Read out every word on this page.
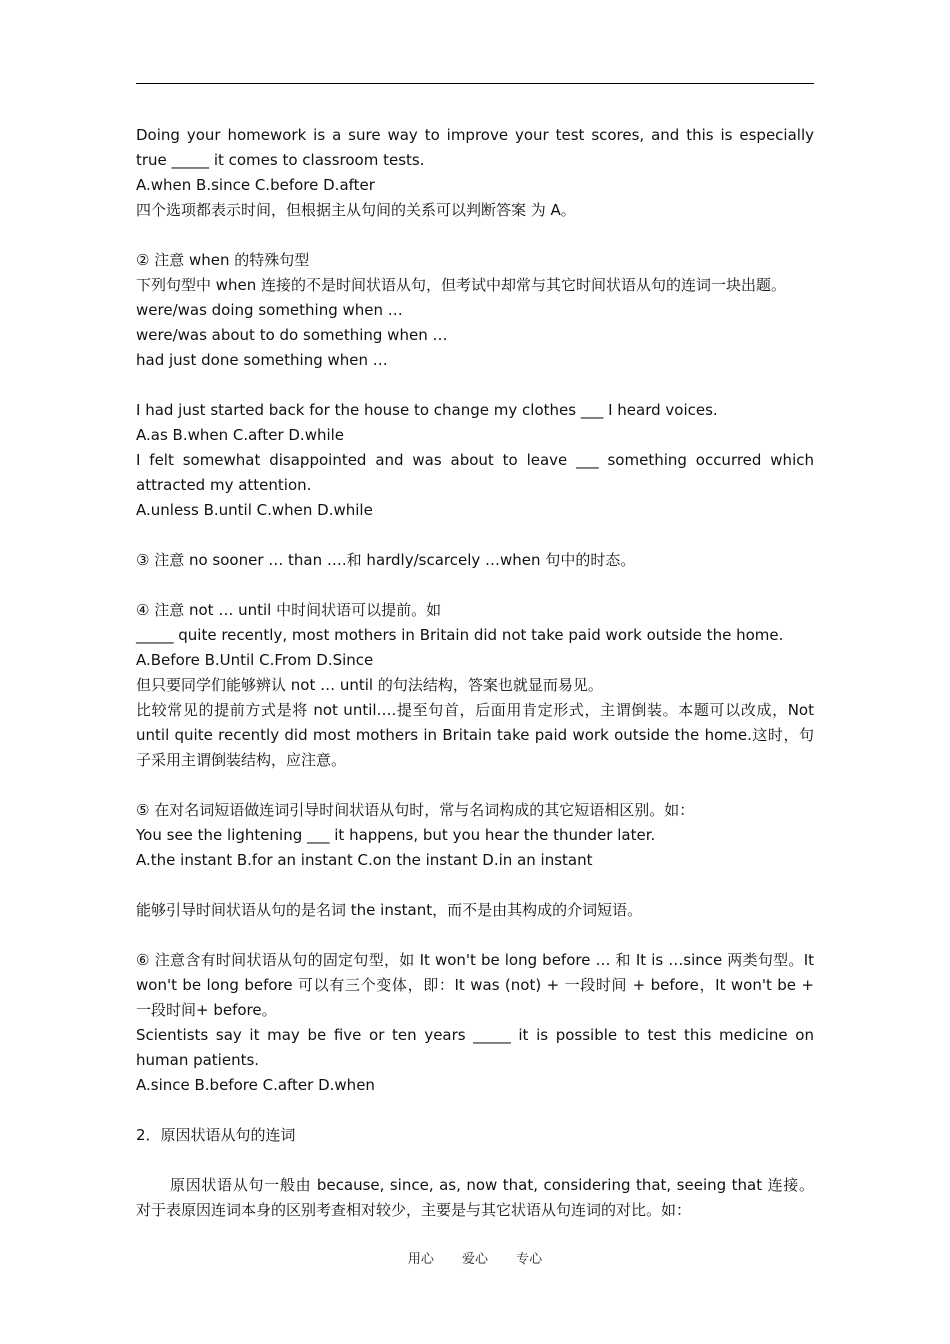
Doing your homework is a sure way to improve your test scores, and this is especially true _____ it comes to classroom tests.

A.when B.since C.before D.after

四个选项都表示时间，但根据主从句间的关系可以判断答案 为 A。

② 注意 when 的特殊句型

下列句型中 when 连接的不是时间状语从句，但考试中却常与其它时间状语从句的连词一块出题。

were/was doing something when …

were/was about to do something when …

had just done something when …

I had just started back for the house to change my clothes ___ I heard voices.

A.as B.when C.after D.while

I felt somewhat disappointed and was about to leave ___ something occurred which attracted my attention.

A.unless B.until C.when D.while

③ 注意 no sooner … than ….和 hardly/scarcely …when 句中的时态。

④ 注意 not … until 中时间状语可以提前。如

_____ quite recently, most mothers in Britain did not take paid work outside the home.

A.Before B.Until C.From D.Since

但只要同学们能够辨认 not … until 的句法结构，答案也就显而易见。

比较常见的提前方式是将 not until….提至句首，后面用肯定形式，主谓倒装。本题可以改成，Not until quite recently did most mothers in Britain take paid work outside the home.这时，句子采用主谓倒装结构，应注意。

⑤ 在对名词短语做连词引导时间状语从句时，常与名词构成的其它短语相区别。如：

You see the lightening ___ it happens, but you hear the thunder later.

A.the instant B.for an instant C.on the instant D.in an instant

能够引导时间状语从句的是名词 the instant，而不是由其构成的介词短语。

⑥ 注意含有时间状语从句的固定句型，如 It won't be long before … 和 It is …since 两类句型。It won't be long before 可以有三个变体，即：It was (not) + 一段时间 + before，It won't be + 一段时间+ before。

Scientists say it may be five or ten years _____ it is possible to test this medicine on human patients.

A.since B.before C.after D.when

2．原因状语从句的连词

原因状语从句一般由 because, since, as, now that, considering that, seeing that 连接。对于表原因连词本身的区别考查相对较少，主要是与其它状语从句连词的对比。如：

用心 爱心 专心
